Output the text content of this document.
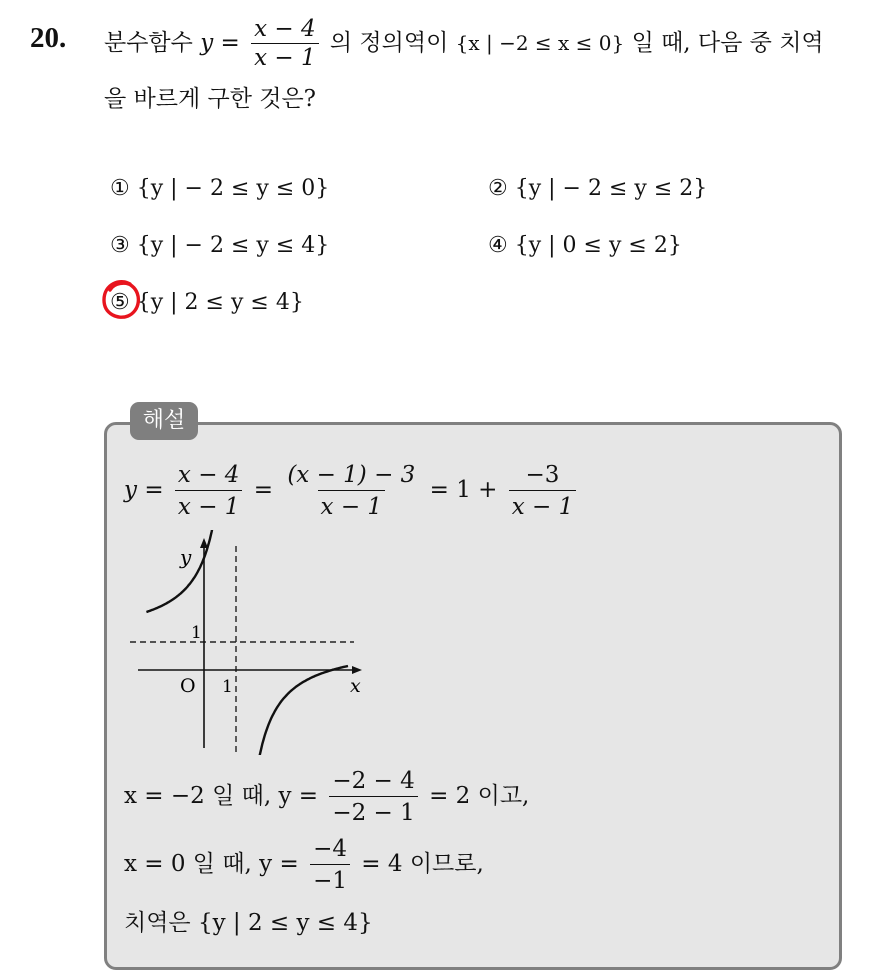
20. 분수함수 $y = \frac{x - 4}{x - 1}$ 의 정의역이 {x | −2 ≤ x ≤ 0} 일 때, 다음 중 치역
을 바르게 구한 것은?
① {y | − 2 ≤ y ≤ 0}	② {y | − 2 ≤ y ≤ 2}
③ {y | − 2 ≤ y ≤ 4}	④ {y | 0 ≤ y ≤ 2}
⑤ {y | 2 ≤ y ≤ 4}
해설
$y = \frac{x - 4}{x - 1} = \frac{(x - 1) - 3}{x - 1} = 1 + \frac{-3}{x - 1}$
y
x
O 1
1
x = −2 일 때, $y = \frac{-2 - 4}{-2 - 1} = 2$ 이고,
x = 0 일 때, $y = \frac{-4}{-1} = 4$ 이므로,
치역은 {y | 2 ≤ y ≤ 4}
